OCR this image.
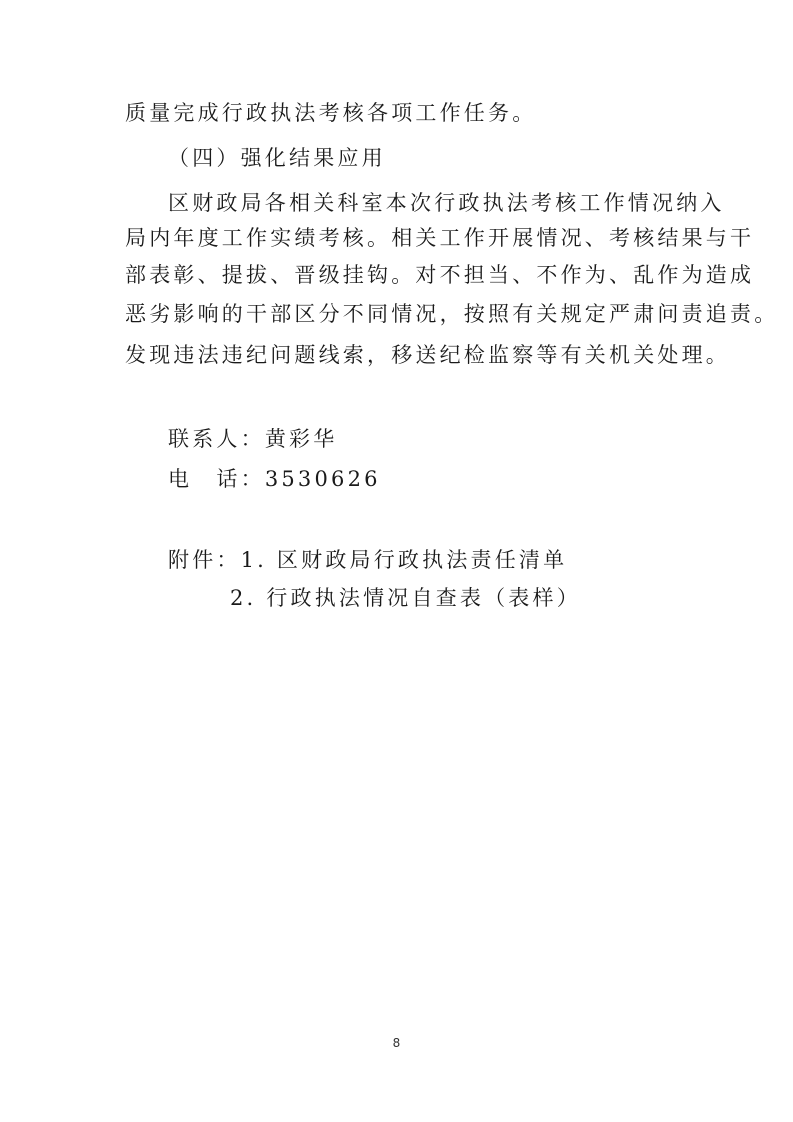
质量完成行政执法考核各项工作任务。
（四）强化结果应用
区财政局各相关科室本次行政执法考核工作情况纳入
局内年度工作实绩考核。相关工作开展情况、考核结果与干
部表彰、提拔、晋级挂钩。对不担当、不作为、乱作为造成
恶劣影响的干部区分不同情况，按照有关规定严肃问责追责。
发现违法违纪问题线索，移送纪检监察等有关机关处理。
联系人：黄彩华
电　话：3530626
附件：1. 区财政局行政执法责任清单
2. 行政执法情况自查表（表样）
8
